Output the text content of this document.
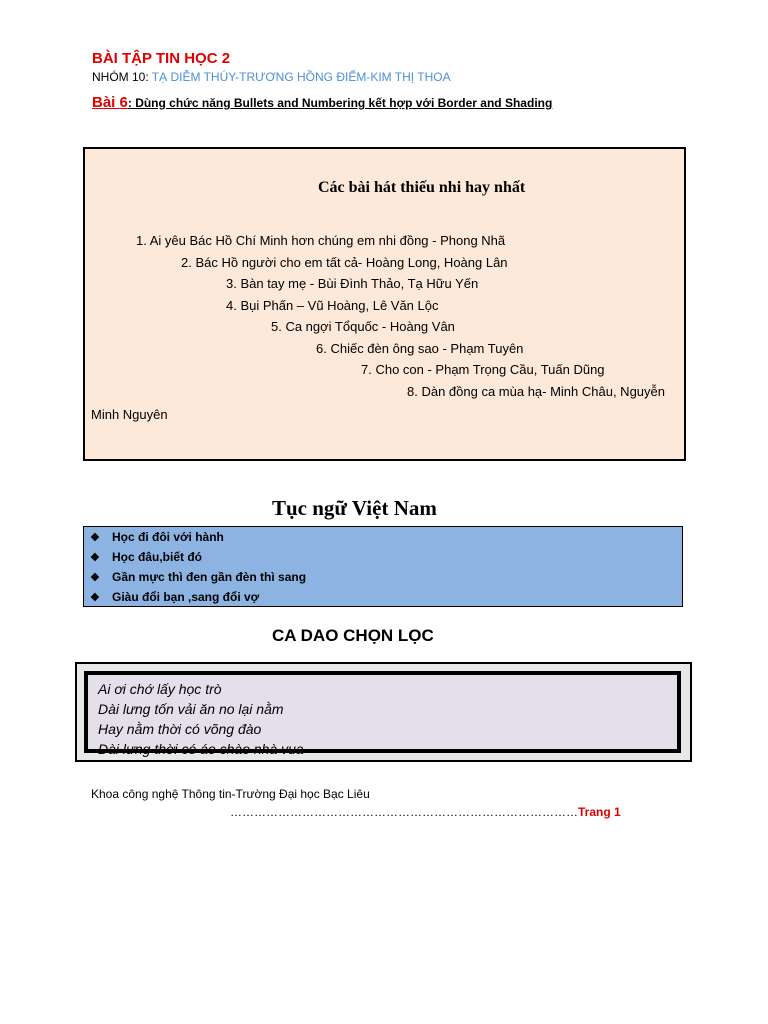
BÀI TẬP TIN HỌC 2
NHÓM 10: TẠ DIỄM THÚY-TRƯƠNG HỒNG ĐIỂM-KIM THỊ THOA
Bài 6: Dùng chức năng Bullets and Numbering kết hợp với Border and Shading
Các bài hát thiếu nhi hay nhất
1. Ai yêu Bác Hồ Chí Minh hơn chúng em nhi đồng - Phong Nhã
2. Bác Hồ người cho em tất cả- Hoàng Long, Hoàng Lân
3. Bàn tay mẹ - Bùi Đình Thảo, Tạ Hữu Yến
4. Bụi Phấn – Vũ Hoàng, Lê Văn Lộc
5. Ca ngợi Tổquốc - Hoàng Vân
6. Chiếc đèn ông sao - Phạm Tuyên
7. Cho con - Phạm Trọng Cầu, Tuấn Dũng
8. Dàn đồng ca mùa hạ- Minh Châu, Nguyễn
Minh Nguyên
Tục ngữ Việt Nam
❖ Học đi đôi với hành
❖ Học đâu,biết đó
❖ Gần mực thì đen gần đèn thì sang
❖ Giàu đổi bạn ,sang đổi vợ
CA DAO CHỌN LỌC
Ai ơi chớ lấy học trò
Dài lưng tốn vải ăn no lại nằm
Hay nằm thời có võng đào
Dài lưng thời có áo chào nhà vua
Khoa công nghệ Thông tin-Trường Đại học Bạc Liêu
……………………………………………………………………………Trang 1
